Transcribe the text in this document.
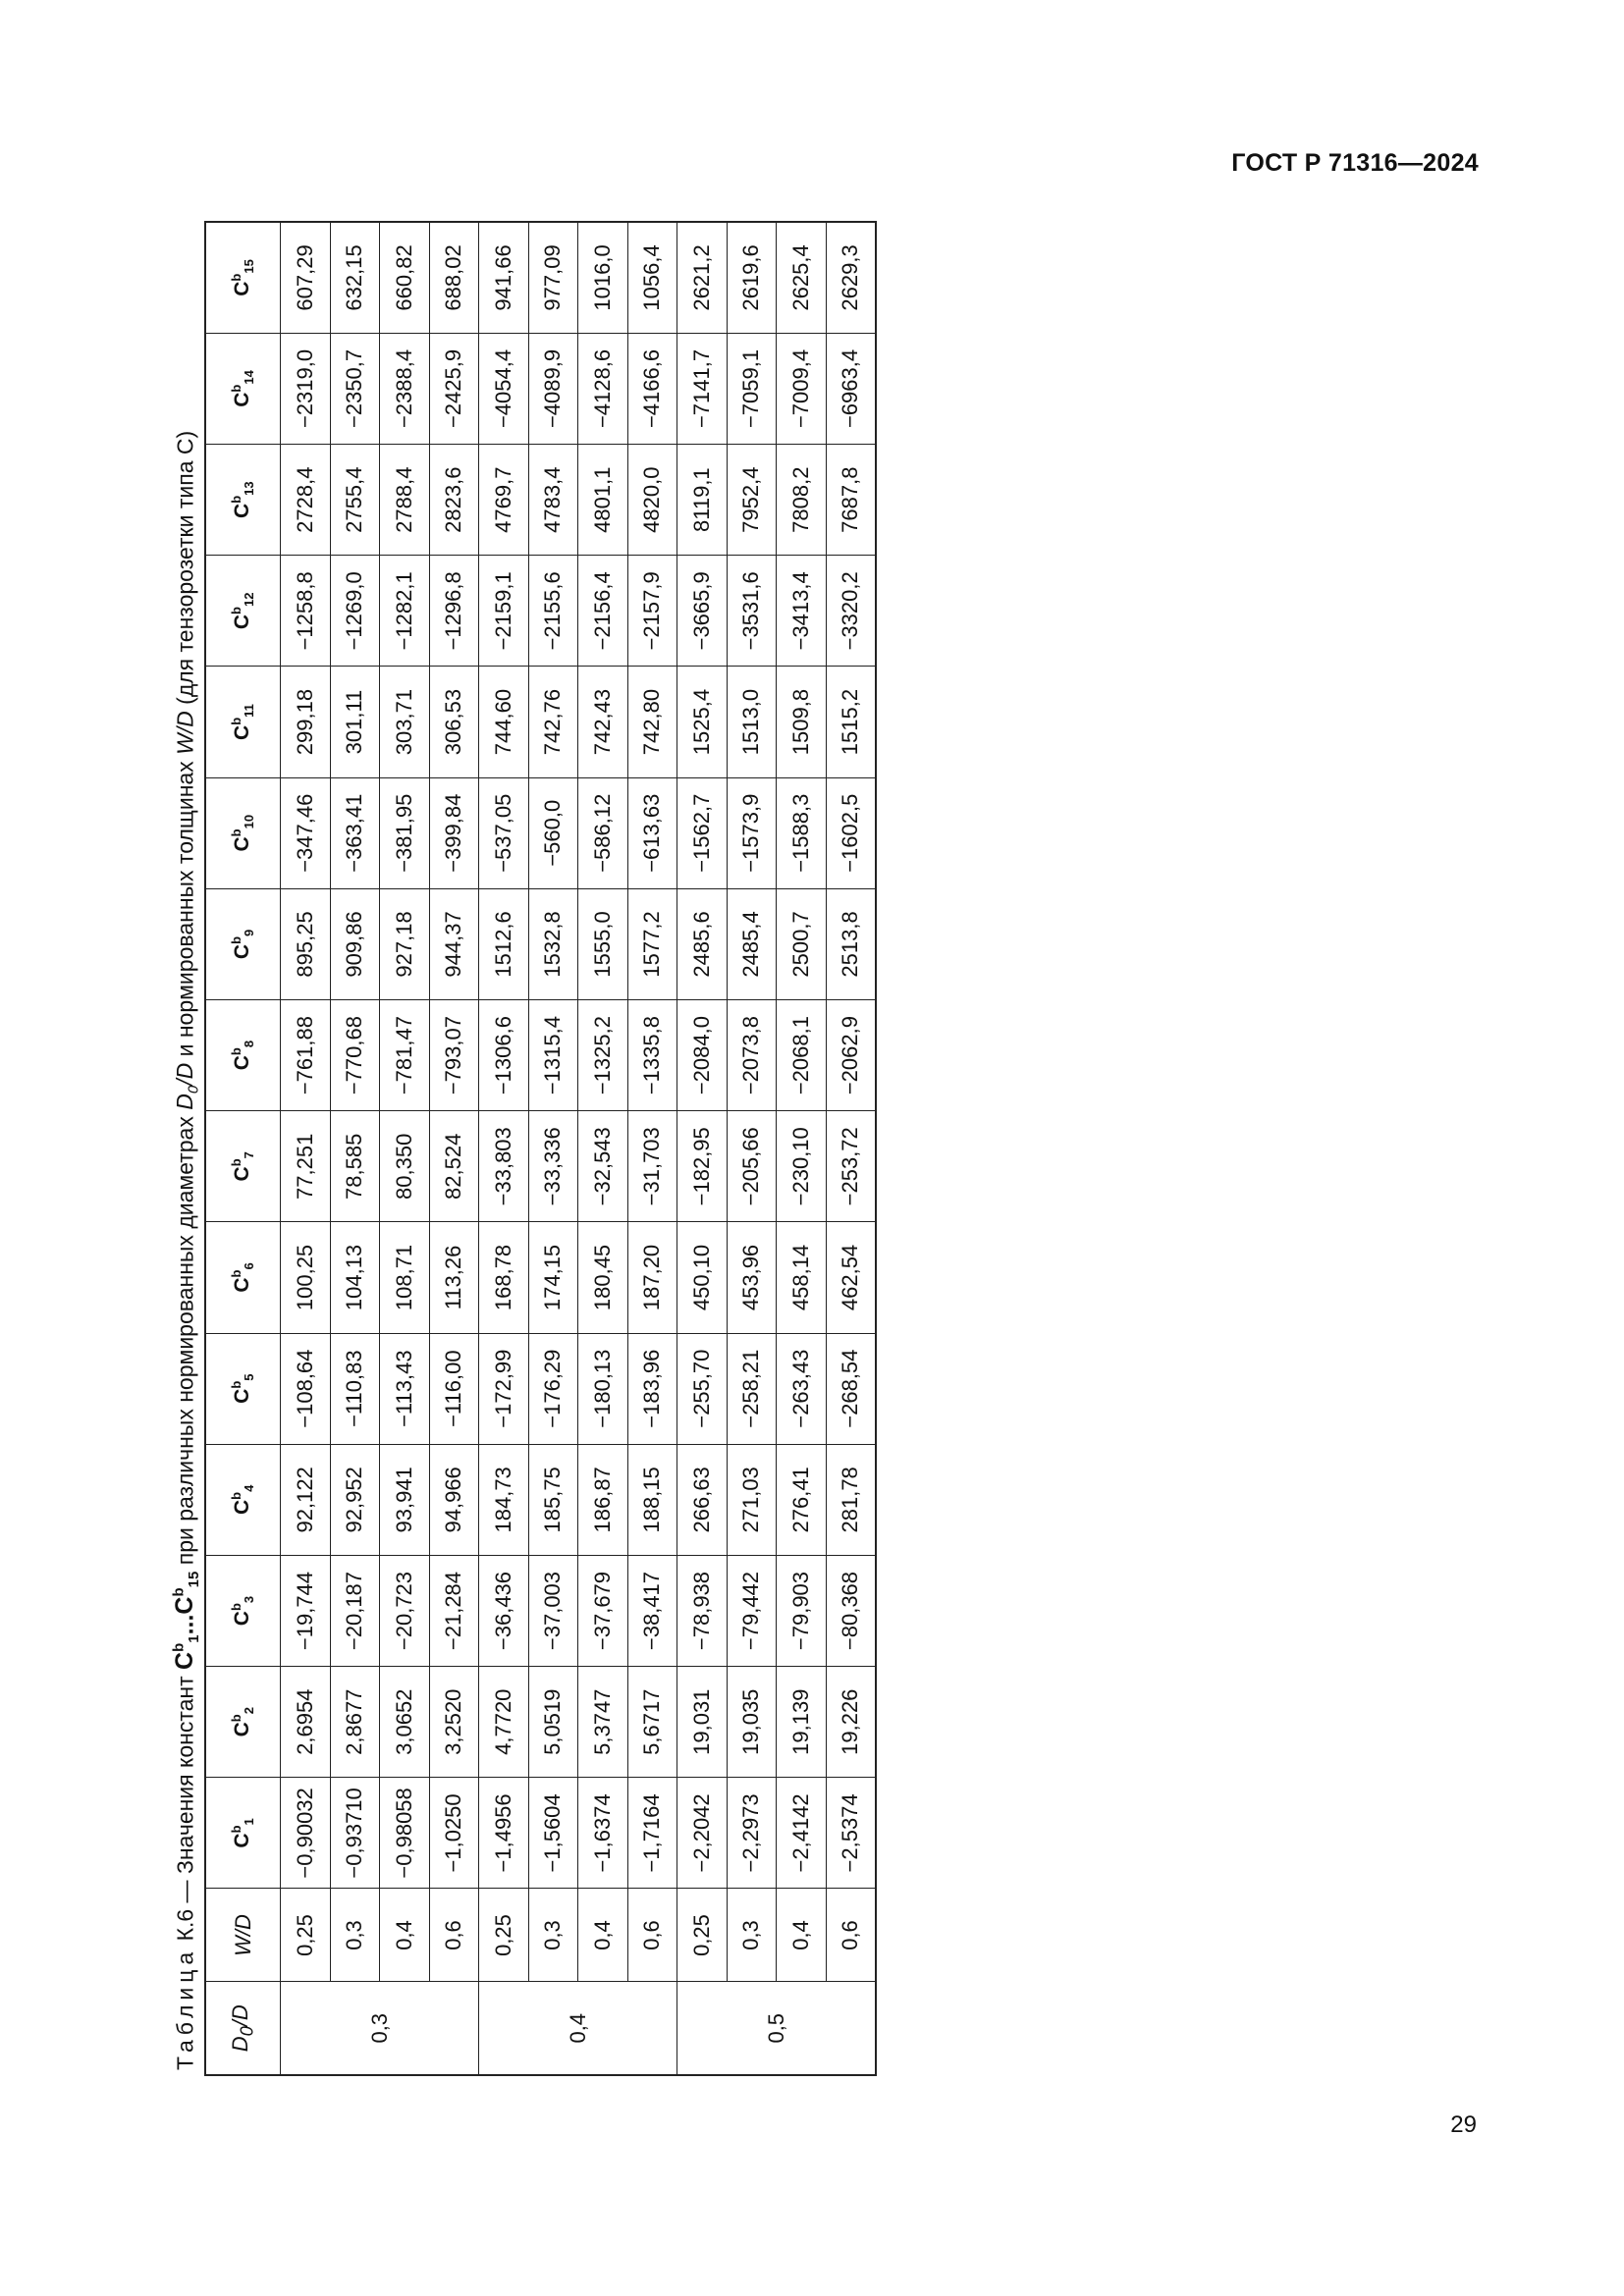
ГОСТ Р 71316—2024
Таблица К.6 — Значения констант $C^b_1...C^b_{15}$ при различных нормированных диаметрах $D_0/D$ и нормированных толщинах W/D (для тензорозетки типа С)
$D_0/D$	W/D	$C^b_1$	$C^b_2$	$C^b_3$	$C^b_4$	$C^b_5$	$C^b_6$	$C^b_7$	$C^b_8$	$C^b_9$	$C^b_{10}$	$C^b_{11}$	$C^b_{12}$	$C^b_{13}$	$C^b_{14}$	$C^b_{15}$
0,3	0,25	−0,90032	2,6954	−19,744	92,122	−108,64	100,25	77,251	−761,88	895,25	−347,46	299,18	−1258,8	2728,4	−2319,0	607,29
	0,3	−0,93710	2,8677	−20,187	92,952	−110,83	104,13	78,585	−770,68	909,86	−363,41	301,11	−1269,0	2755,4	−2350,7	632,15
	0,4	−0,98058	3,0652	−20,723	93,941	−113,43	108,71	80,350	−781,47	927,18	−381,95	303,71	−1282,1	2788,4	−2388,4	660,82
	0,6	−1,0250	3,2520	−21,284	94,966	−116,00	113,26	82,524	−793,07	944,37	−399,84	306,53	−1296,8	2823,6	−2425,9	688,02
0,4	0,25	−1,4956	4,7720	−36,436	184,73	−172,99	168,78	−33,803	−1306,6	1512,6	−537,05	744,60	−2159,1	4769,7	−4054,4	941,66
	0,3	−1,5604	5,0519	−37,003	185,75	−176,29	174,15	−33,336	−1315,4	1532,8	−560,0	742,76	−2155,6	4783,4	−4089,9	977,09
	0,4	−1,6374	5,3747	−37,679	186,87	−180,13	180,45	−32,543	−1325,2	1555,0	−586,12	742,43	−2156,4	4801,1	−4128,6	1016,0
	0,6	−1,7164	5,6717	−38,417	188,15	−183,96	187,20	−31,703	−1335,8	1577,2	−613,63	742,80	−2157,9	4820,0	−4166,6	1056,4
0,5	0,25	−2,2042	19,031	−78,938	266,63	−255,70	450,10	−182,95	−2084,0	2485,6	−1562,7	1525,4	−3665,9	8119,1	−7141,7	2621,2
	0,3	−2,2973	19,035	−79,442	271,03	−258,21	453,96	−205,66	−2073,8	2485,4	−1573,9	1513,0	−3531,6	7952,4	−7059,1	2619,6
	0,4	−2,4142	19,139	−79,903	276,41	−263,43	458,14	−230,10	−2068,1	2500,7	−1588,3	1509,8	−3413,4	7808,2	−7009,4	2625,4
	0,6	−2,5374	19,226	−80,368	281,78	−268,54	462,54	−253,72	−2062,9	2513,8	−1602,5	1515,2	−3320,2	7687,8	−6963,4	2629,3
29
